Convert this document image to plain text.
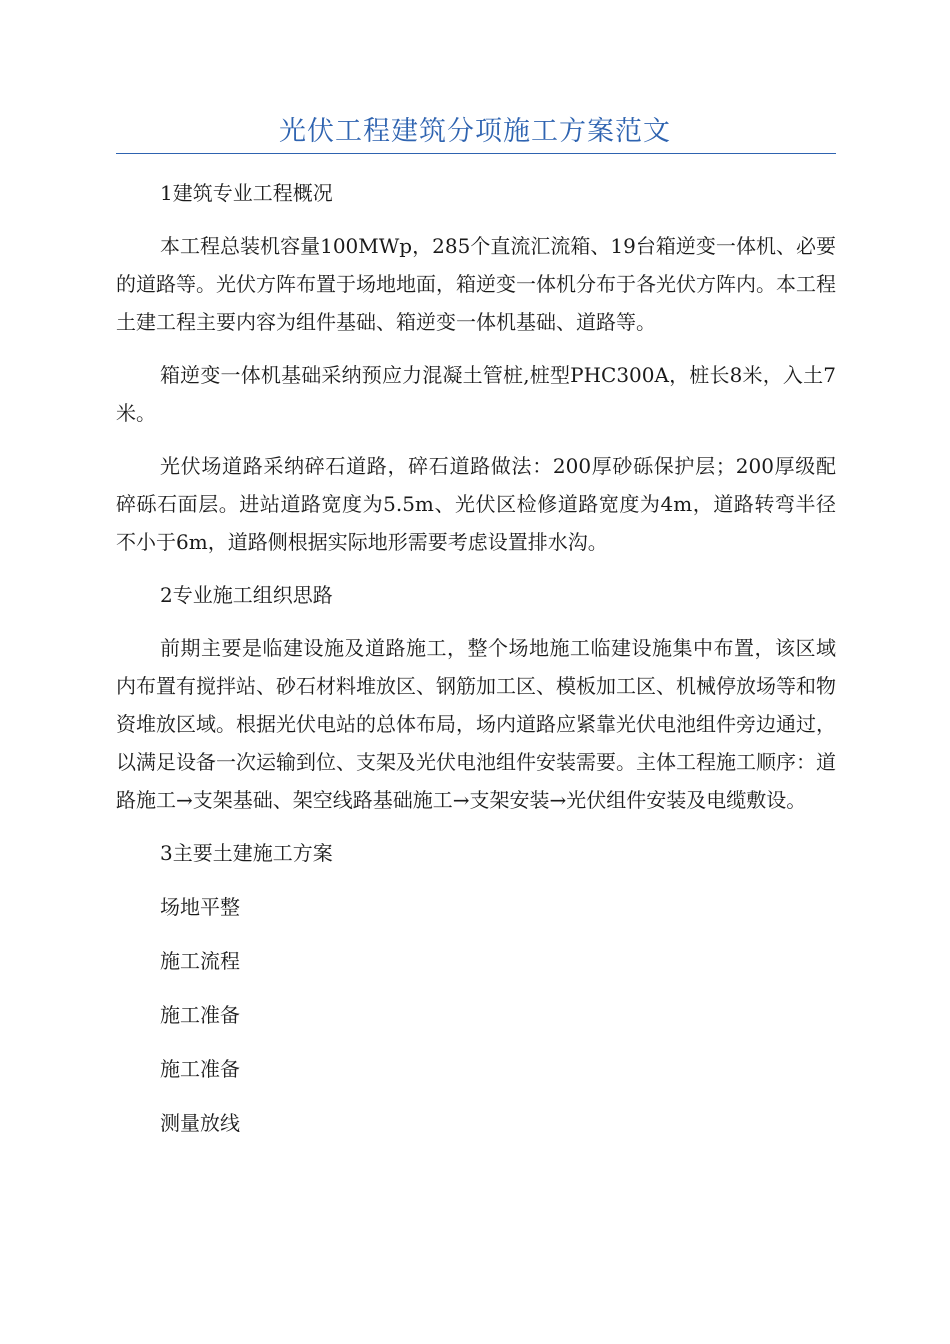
光伏工程建筑分项施工方案范文

1建筑专业工程概况

本工程总装机容量100MWp，285个直流汇流箱、19台箱逆变一体机、必要的道路等。光伏方阵布置于场地地面，箱逆变一体机分布于各光伏方阵内。本工程土建工程主要内容为组件基础、箱逆变一体机基础、道路等。

箱逆变一体机基础采纳预应力混凝土管桩,桩型PHC300A，桩长8米，入土7米。

光伏场道路采纳碎石道路，碎石道路做法：200厚砂砾保护层；200厚级配碎砾石面层。进站道路宽度为5.5m、光伏区检修道路宽度为4m，道路转弯半径不小于6m，道路侧根据实际地形需要考虑设置排水沟。

2专业施工组织思路

前期主要是临建设施及道路施工，整个场地施工临建设施集中布置，该区域内布置有搅拌站、砂石材料堆放区、钢筋加工区、模板加工区、机械停放场等和物资堆放区域。根据光伏电站的总体布局，场内道路应紧靠光伏电池组件旁边通过，以满足设备一次运输到位、支架及光伏电池组件安装需要。主体工程施工顺序：道路施工→支架基础、架空线路基础施工→支架安装→光伏组件安装及电缆敷设。

3主要土建施工方案

场地平整

施工流程

施工准备

施工准备

测量放线
